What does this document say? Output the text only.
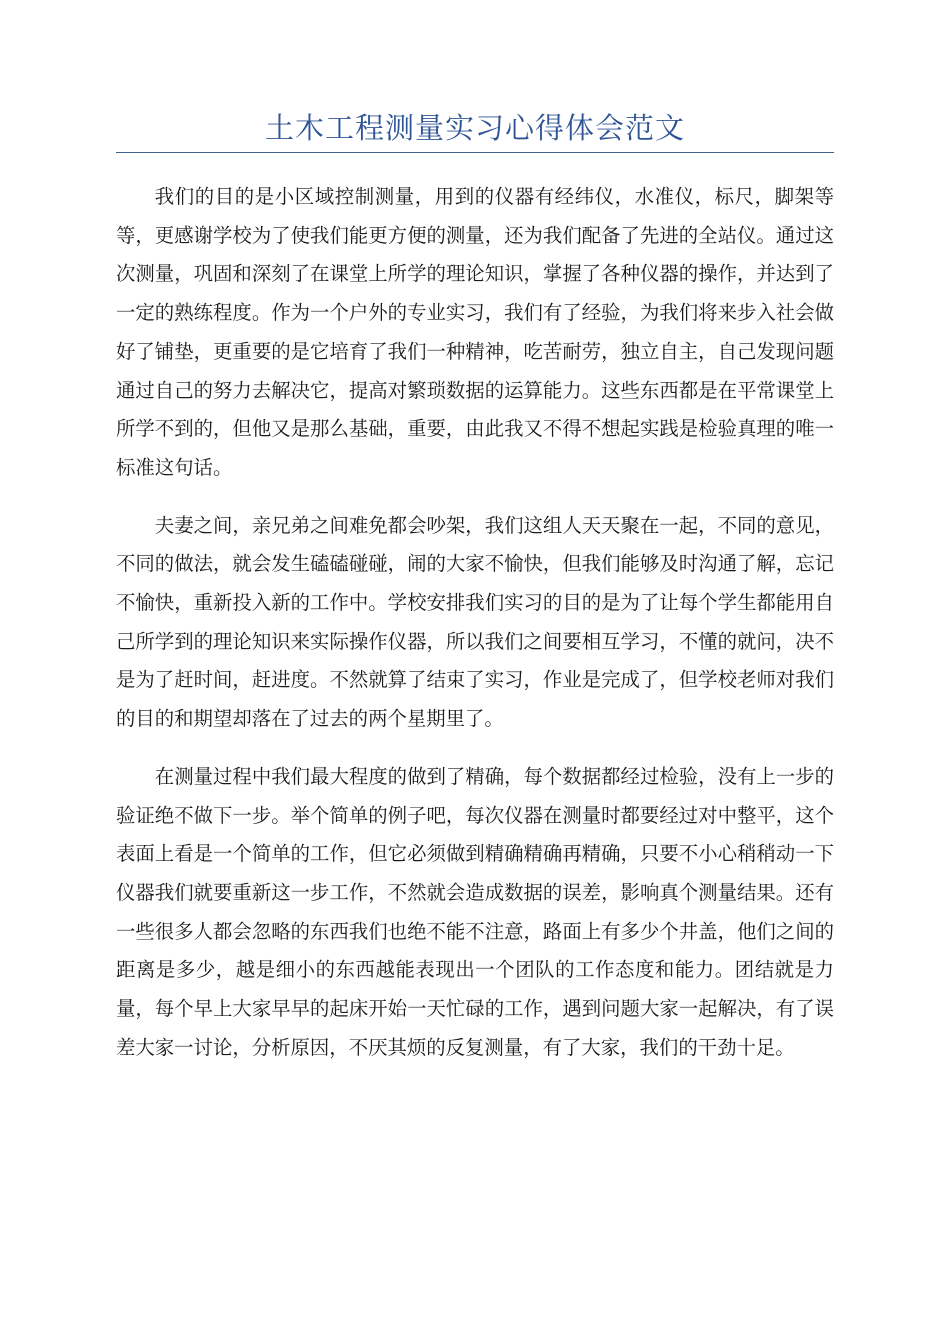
土木工程测量实习心得体会范文

我们的目的是小区域控制测量，用到的仪器有经纬仪，水准仪，标尺，脚架等等，更感谢学校为了使我们能更方便的测量，还为我们配备了先进的全站仪。通过这次测量，巩固和深刻了在课堂上所学的理论知识，掌握了各种仪器的操作，并达到了一定的熟练程度。作为一个户外的专业实习，我们有了经验，为我们将来步入社会做好了铺垫，更重要的是它培育了我们一种精神，吃苦耐劳，独立自主，自己发现问题通过自己的努力去解决它，提高对繁琐数据的运算能力。这些东西都是在平常课堂上所学不到的，但他又是那么基础，重要，由此我又不得不想起实践是检验真理的唯一标准这句话。

夫妻之间，亲兄弟之间难免都会吵架，我们这组人天天聚在一起，不同的意见，不同的做法，就会发生磕磕碰碰，闹的大家不愉快，但我们能够及时沟通了解，忘记不愉快，重新投入新的工作中。学校安排我们实习的目的是为了让每个学生都能用自己所学到的理论知识来实际操作仪器，所以我们之间要相互学习，不懂的就问，决不是为了赶时间，赶进度。不然就算了结束了实习，作业是完成了，但学校老师对我们的目的和期望却落在了过去的两个星期里了。

在测量过程中我们最大程度的做到了精确，每个数据都经过检验，没有上一步的验证绝不做下一步。举个简单的例子吧，每次仪器在测量时都要经过对中整平，这个表面上看是一个简单的工作，但它必须做到精确精确再精确，只要不小心稍稍动一下仪器我们就要重新这一步工作，不然就会造成数据的误差，影响真个测量结果。还有一些很多人都会忽略的东西我们也绝不能不注意，路面上有多少个井盖，他们之间的距离是多少，越是细小的东西越能表现出一个团队的工作态度和能力。团结就是力量，每个早上大家早早的起床开始一天忙碌的工作，遇到问题大家一起解决，有了误差大家一讨论，分析原因，不厌其烦的反复测量，有了大家，我们的干劲十足。
